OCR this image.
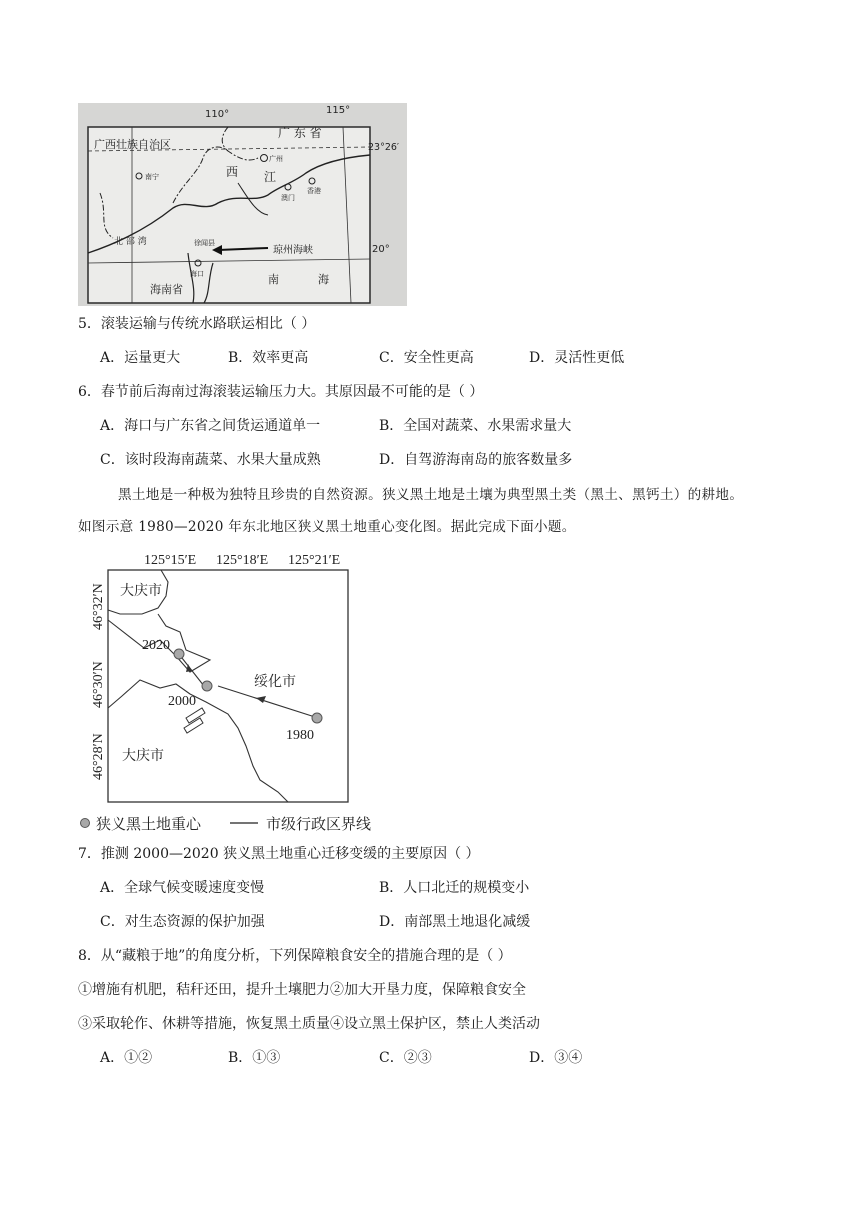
110°	115°
23°26′
20°
广西壮族自治区
广 东 省
南宁
广州
西 江
澳门
香港
北 部 湾	徐闻县
海口
琼州海峡
海南省
南	海
5．滚装运输与传统水路联运相比（ ）
A．运量更大	B．效率更高	C．安全性更高	D．灵活性更低
6．春节前后海南过海滚装运输压力大。其原因最不可能的是（ ）
A．海口与广东省之间货运通道单一	B．全国对蔬菜、水果需求量大
C．该时段海南蔬菜、水果大量成熟	D．自驾游海南岛的旅客数量多
黑土地是一种极为独特且珍贵的自然资源。狭义黑土地是土壤为典型黑土类（黑土、黑钙土）的耕地。
如图示意 1980—2020 年东北地区狭义黑土地重心变化图。据此完成下面小题。
125°15′E 125°18′E 125°21′E
46°32′N
46°30′N
46°28′N
大庆市
大庆市
绥化市
2020
2000
1980
狭义黑土地重心	市级行政区界线
7．推测 2000—2020 狭义黑土地重心迁移变缓的主要原因（ ）
A．全球气候变暖速度变慢	B．人口北迁的规模变小
C．对生态资源的保护加强	D．南部黑土地退化减缓
8．从“藏粮于地”的角度分析，下列保障粮食安全的措施合理的是（ ）
①增施有机肥，秸秆还田，提升土壤肥力②加大开垦力度，保障粮食安全
③采取轮作、休耕等措施，恢复黑土质量④设立黑土保护区，禁止人类活动
A．①②	B．①③	C．②③	D．③④
